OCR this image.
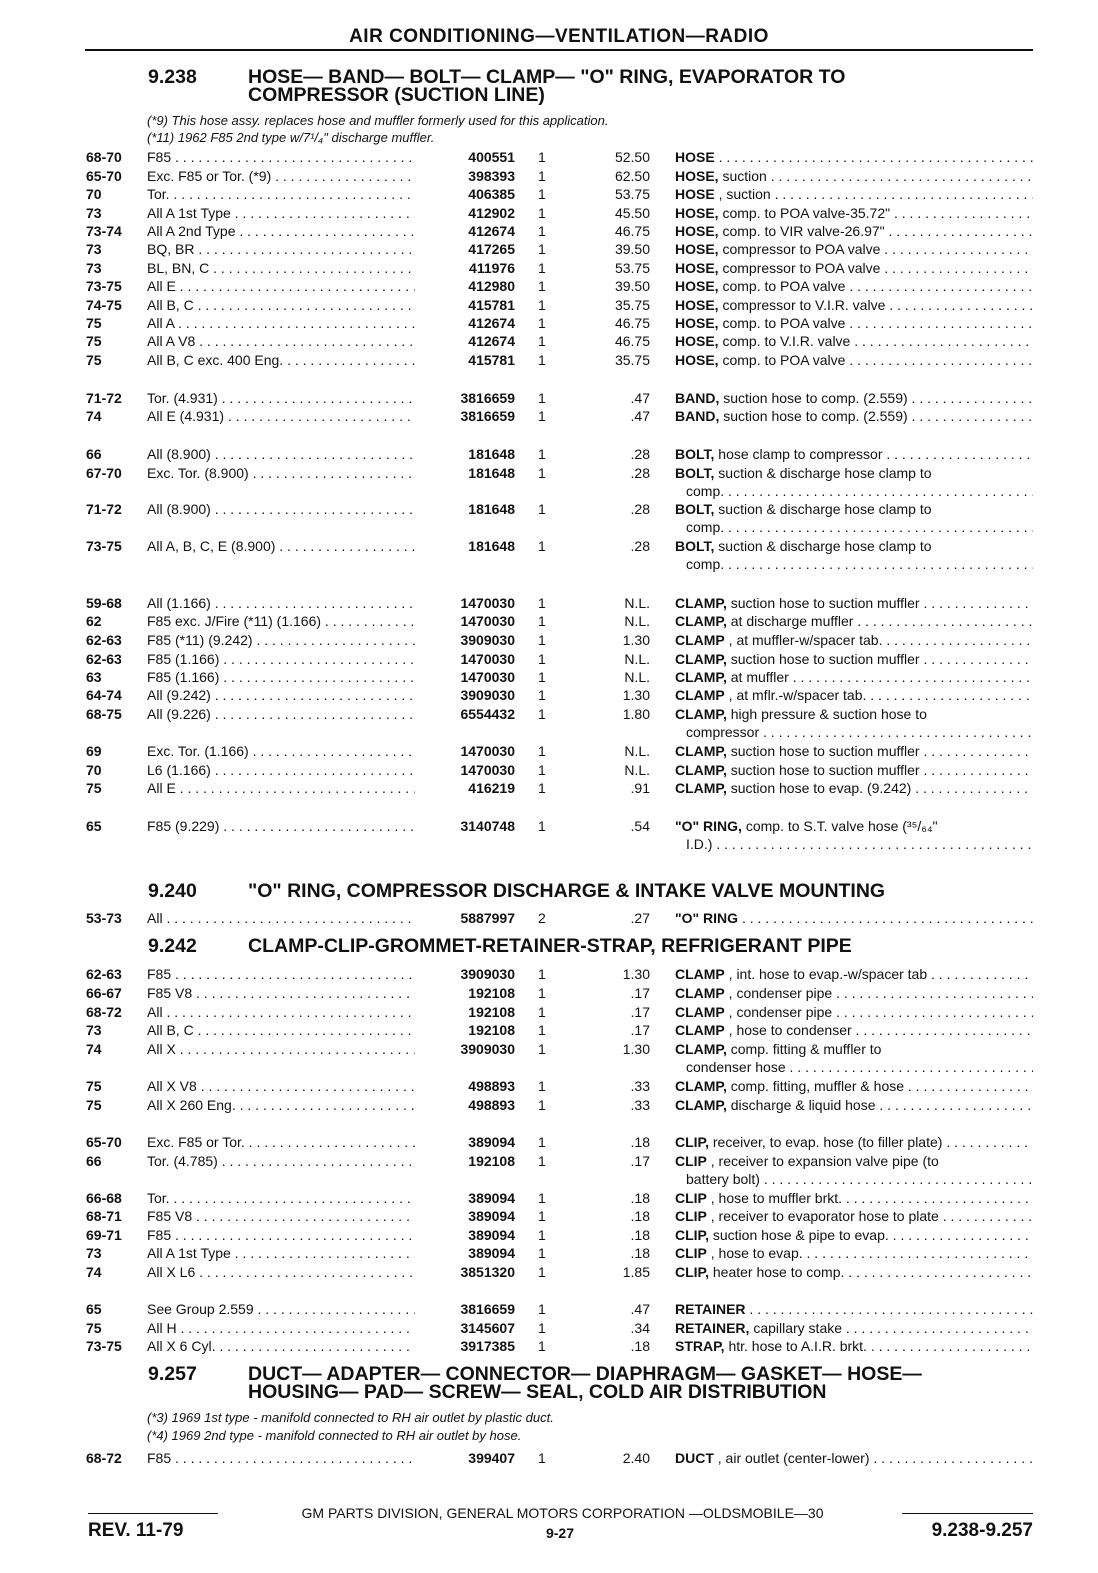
AIR CONDITIONING—VENTILATION—RADIO
9.238	HOSE— BAND— BOLT— CLAMP— "O" RING, EVAPORATOR TO
COMPRESSOR (SUCTION LINE)
(*9) This hose assy. replaces hose and muffler formerly used for this application.
(*11) 1962 F85 2nd type w/7¹/₄" discharge muffler.
9.240	"O" RING, COMPRESSOR DISCHARGE & INTAKE VALVE MOUNTING
9.242	CLAMP-CLIP-GROMMET-RETAINER-STRAP, REFRIGERANT PIPE
9.257	DUCT— ADAPTER— CONNECTOR— DIAPHRAGM— GASKET— HOSE—
HOUSING— PAD— SCREW— SEAL, COLD AIR DISTRIBUTION
(*3) 1969 1st type - manifold connected to RH air outlet by plastic duct.
(*4) 1969 2nd type - manifold connected to RH air outlet by hose.
68-70 F85 . . .	400551 1	52.50 HOSE . . .
65-70 Exc. F85 or Tor. (*9) . . .	398393 1	62.50 HOSE, suction . . .
70	Tor. . . .	406385 1	53.75 HOSE , suction . . .
73	All A 1st Type . . .	412902 1	45.50 HOSE, comp. to POA valve-35.72" . . .
73-74 All A 2nd Type . . .	412674 1	46.75 HOSE, comp. to VIR valve-26.97" . . .
73	BQ, BR . . .	417265 1	39.50 HOSE, compressor to POA valve . . .
73	BL, BN, C . . .	411976 1	53.75 HOSE, compressor to POA valve . . .
73-75 All E . . .	412980 1	39.50 HOSE, comp. to POA valve . . .
74-75 All B, C . . .	415781 1	35.75 HOSE, compressor to V.I.R. valve . . .
75	All A . . .	412674 1	46.75 HOSE, comp. to POA valve . . .
75	All A V8 . . .	412674 1	46.75 HOSE, comp. to V.I.R. valve . . .
75	All B, C exc. 400 Eng. . . .	415781 1	35.75 HOSE, comp. to POA valve . . .
71-72 Tor. (4.931) . . .	3816659 1	.47 BAND, suction hose to comp. (2.559) . . .
74	All E (4.931) . . .	3816659 1	.47 BAND, suction hose to comp. (2.559) . . .
66	All (8.900) . . .	181648 1	.28 BOLT, hose clamp to compressor . . .
67-70 Exc. Tor. (8.900) . . .	181648 1	.28 BOLT, suction & discharge hose clamp to
comp. . . .
71-72 All (8.900) . . .	181648 1	.28 BOLT, suction & discharge hose clamp to
comp. . . .
73-75 All A, B, C, E (8.900) . . .	181648 1	.28 BOLT, suction & discharge hose clamp to
comp. . . .
59-68 All (1.166) . . .	1470030 1	N.L. CLAMP, suction hose to suction muffler . . .
62	F85 exc. J/Fire (*11) (1.166) . . .	1470030 1	N.L. CLAMP, at discharge muffler . . .
62-63 F85 (*11) (9.242) . . .	3909030 1	1.30 CLAMP , at muffler-w/spacer tab. . . .
62-63 F85 (1.166) . . .	1470030 1	N.L. CLAMP, suction hose to suction muffler . . .
63	F85 (1.166) . . .	1470030 1	N.L. CLAMP, at muffler . . .
64-74 All (9.242) . . .	3909030 1	1.30 CLAMP , at mflr.-w/spacer tab. . . .
68-75 All (9.226) . . .	6554432 1	1.80 CLAMP, high pressure & suction hose to
compressor . . .
69	Exc. Tor. (1.166) . . .	1470030 1	N.L. CLAMP, suction hose to suction muffler . . .
70	L6 (1.166) . . .	1470030 1	N.L. CLAMP, suction hose to suction muffler . . .
75	All E . . .	416219 1	.91 CLAMP, suction hose to evap. (9.242) . . .
65	F85 (9.229) . . .	3140748 1	.54 "O" RING, comp. to S.T. valve hose (³⁵/₆₄"
I.D.) . . .
53-73 All . . .	5887997 2	.27 "O" RING . . .
62-63 F85 . . .	3909030 1	1.30 CLAMP , int. hose to evap.-w/spacer tab . . .
66-67 F85 V8 . . .	192108 1	.17 CLAMP , condenser pipe . . .
68-72 All . . .	192108 1	.17 CLAMP , condenser pipe . . .
73	All B, C . . .	192108 1	.17 CLAMP , hose to condenser . . .
74	All X . . .	3909030 1	1.30 CLAMP, comp. fitting & muffler to
condenser hose . . .
75	All X V8 . . .	498893 1	.33 CLAMP, comp. fitting, muffler & hose . . .
75	All X 260 Eng. . . .	498893 1	.33 CLAMP, discharge & liquid hose . . .
65-70 Exc. F85 or Tor. . . .	389094 1	.18 CLIP, receiver, to evap. hose (to filler plate) . . .
66	Tor. (4.785) . . .	192108 1	.17 CLIP , receiver to expansion valve pipe (to
battery bolt) . . .
66-68 Tor. . . .	389094 1	.18 CLIP , hose to muffler brkt. . . .
68-71 F85 V8 . . .	389094 1	.18 CLIP , receiver to evaporator hose to plate . . .
69-71 F85 . . .	389094 1	.18 CLIP, suction hose & pipe to evap. . . .
73	All A 1st Type . . .	389094 1	.18 CLIP , hose to evap. . . .
74	All X L6 . . .	3851320 1	1.85 CLIP, heater hose to comp. . . .
65	See Group 2.559 . . .	3816659 1	.47 RETAINER . . .
75	All H . . .	3145607 1	.34 RETAINER, capillary stake . . .
73-75 All X 6 Cyl. . . .	3917385 1	.18 STRAP, htr. hose to A.I.R. brkt. . . .
68-72 F85 . . .	399407 1	2.40 DUCT , air outlet (center-lower) . . .
GM PARTS DIVISION, GENERAL MOTORS CORPORATION —OLDSMOBILE—30
REV. 11-79	9-27	9.238-9.257
